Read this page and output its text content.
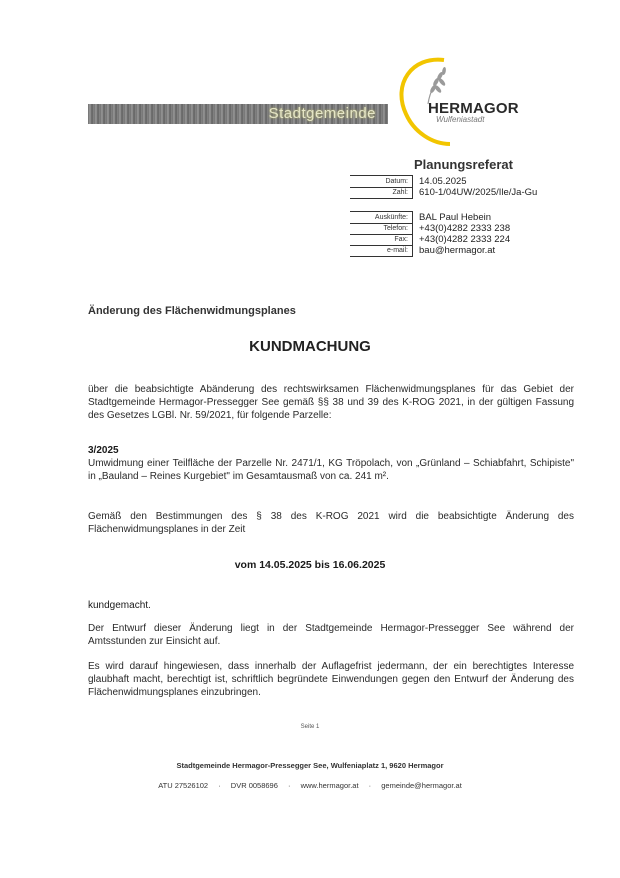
Stadtgemeinde	HERMAGOR
Wulfeniastadt
Planungsreferat
Datum:	14.05.2025
Zahl:	610-1/04UW/2025/Ile/Ja-Gu
Auskünfte:	BAL Paul Hebein
Telefon:	+43(0)4282 2333 238
Fax:	+43(0)4282 2333 224
e-mail:	bau@hermagor.at
Änderung des Flächenwidmungsplanes
KUNDMACHUNG

über die beabsichtigte Abänderung des rechtswirksamen Flächenwidmungsplanes für das Gebiet der Stadtgemeinde Hermagor-Pressegger See gemäß §§ 38 und 39 des K-ROG 2021, in der gültigen Fassung des Gesetzes LGBl. Nr. 59/2021, für folgende Parzelle:

3/2025

Umwidmung einer Teilfläche der Parzelle Nr. 2471/1, KG Tröpolach, von „Grünland – Schiabfahrt, Schipiste" in „Bauland – Reines Kurgebiet" im Gesamtausmaß von ca. 241 m².

Gemäß den Bestimmungen des § 38 des K-ROG 2021 wird die beabsichtigte Änderung des Flächenwidmungsplanes in der Zeit

vom 14.05.2025 bis 16.06.2025
kundgemacht.

Der Entwurf dieser Änderung liegt in der Stadtgemeinde Hermagor-Pressegger See während der Amtsstunden zur Einsicht auf.

Es wird darauf hingewiesen, dass innerhalb der Auflagefrist jedermann, der ein berechtigtes Interesse glaubhaft macht, berechtigt ist, schriftlich begründete Einwendungen gegen den Entwurf der Änderung des Flächenwidmungsplanes einzubringen.

Seite 1
Stadtgemeinde Hermagor-Pressegger See, Wulfeniaplatz 1, 9620 Hermagor
ATU 27526102 · DVR 0058696 · www.hermagor.at · gemeinde@hermagor.at
